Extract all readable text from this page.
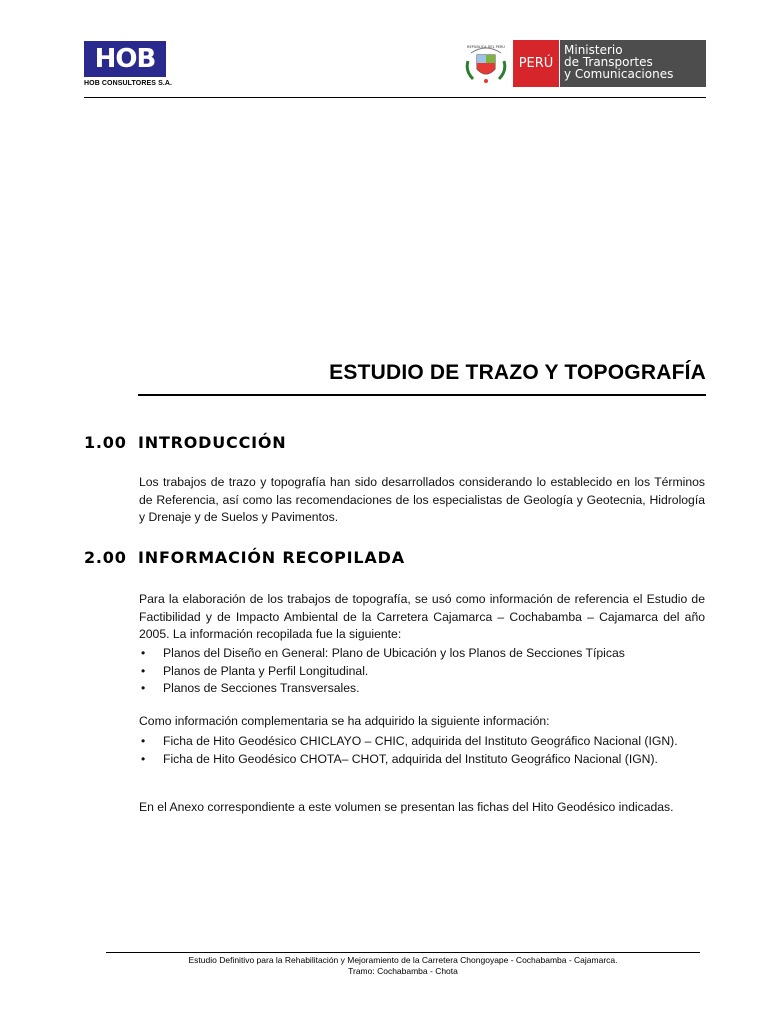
HOB
HOB CONSULTORES S.A.
REPÚBLICA DEL PERÚ
PERÚ
Ministerio
de Transportes
y Comunicaciones
ESTUDIO DE TRAZO Y TOPOGRAFÍA
1.00 INTRODUCCIÓN
Los trabajos de trazo y topografía han sido desarrollados considerando lo establecido en los Términos de Referencia, así como las recomendaciones de los especialistas de Geología y Geotecnia, Hidrología y Drenaje y de Suelos y Pavimentos.
2.00 INFORMACIÓN RECOPILADA
Para la elaboración de los trabajos de topografía, se usó como información de referencia el Estudio de Factibilidad y de Impacto Ambiental de la Carretera Cajamarca – Cochabamba – Cajamarca del año 2005. La información recopilada fue la siguiente:
• Planos del Diseño en General: Plano de Ubicación y los Planos de Secciones Típicas
• Planos de Planta y Perfil Longitudinal.
• Planos de Secciones Transversales.
Como información complementaria se ha adquirido la siguiente información:
• Ficha de Hito Geodésico CHICLAYO – CHIC, adquirida del Instituto Geográfico Nacional (IGN).
• Ficha de Hito Geodésico CHOTA– CHOT, adquirida del Instituto Geográfico Nacional (IGN).
En el Anexo correspondiente a este volumen se presentan las fichas del Hito Geodésico indicadas.
Estudio Definitivo para la Rehabilitación y Mejoramiento de la Carretera Chongoyape - Cochabamba - Cajamarca.
Tramo: Cochabamba - Chota
